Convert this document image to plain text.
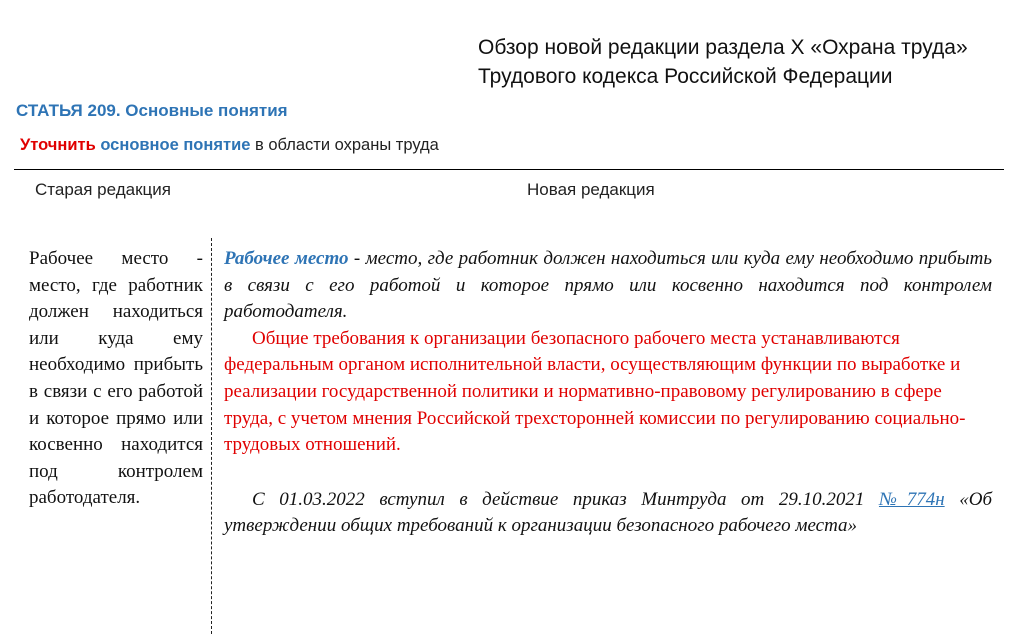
Обзор новой редакции раздела Х «Охрана труда»
Трудового кодекса Российской Федерации
СТАТЬЯ 209. Основные понятия
Уточнить основное понятие в области охраны труда
Старая редакция	Новая редакция
Рабочее место - место, где работник должен находиться или куда ему необходимо прибыть в связи с его работой и которое прямо или косвенно находится под контролем работодателя.

Рабочее место - место, где работник должен находиться или куда ему необходимо прибыть в связи с его работой и которое прямо или косвенно находится под контролем работодателя.

Общие требования к организации безопасного рабочего места устанавливаются федеральным органом исполнительной власти, осуществляющим функции по выработке и реализации государственной политики и нормативно-правовому регулированию в сфере труда, с учетом мнения Российской трехсторонней комиссии по регулированию социально-трудовых отношений.

С 01.03.2022 вступил в действие приказ Минтруда от 29.10.2021 №774н «Об утверждении общих требований к организации безопасного рабочего места»
